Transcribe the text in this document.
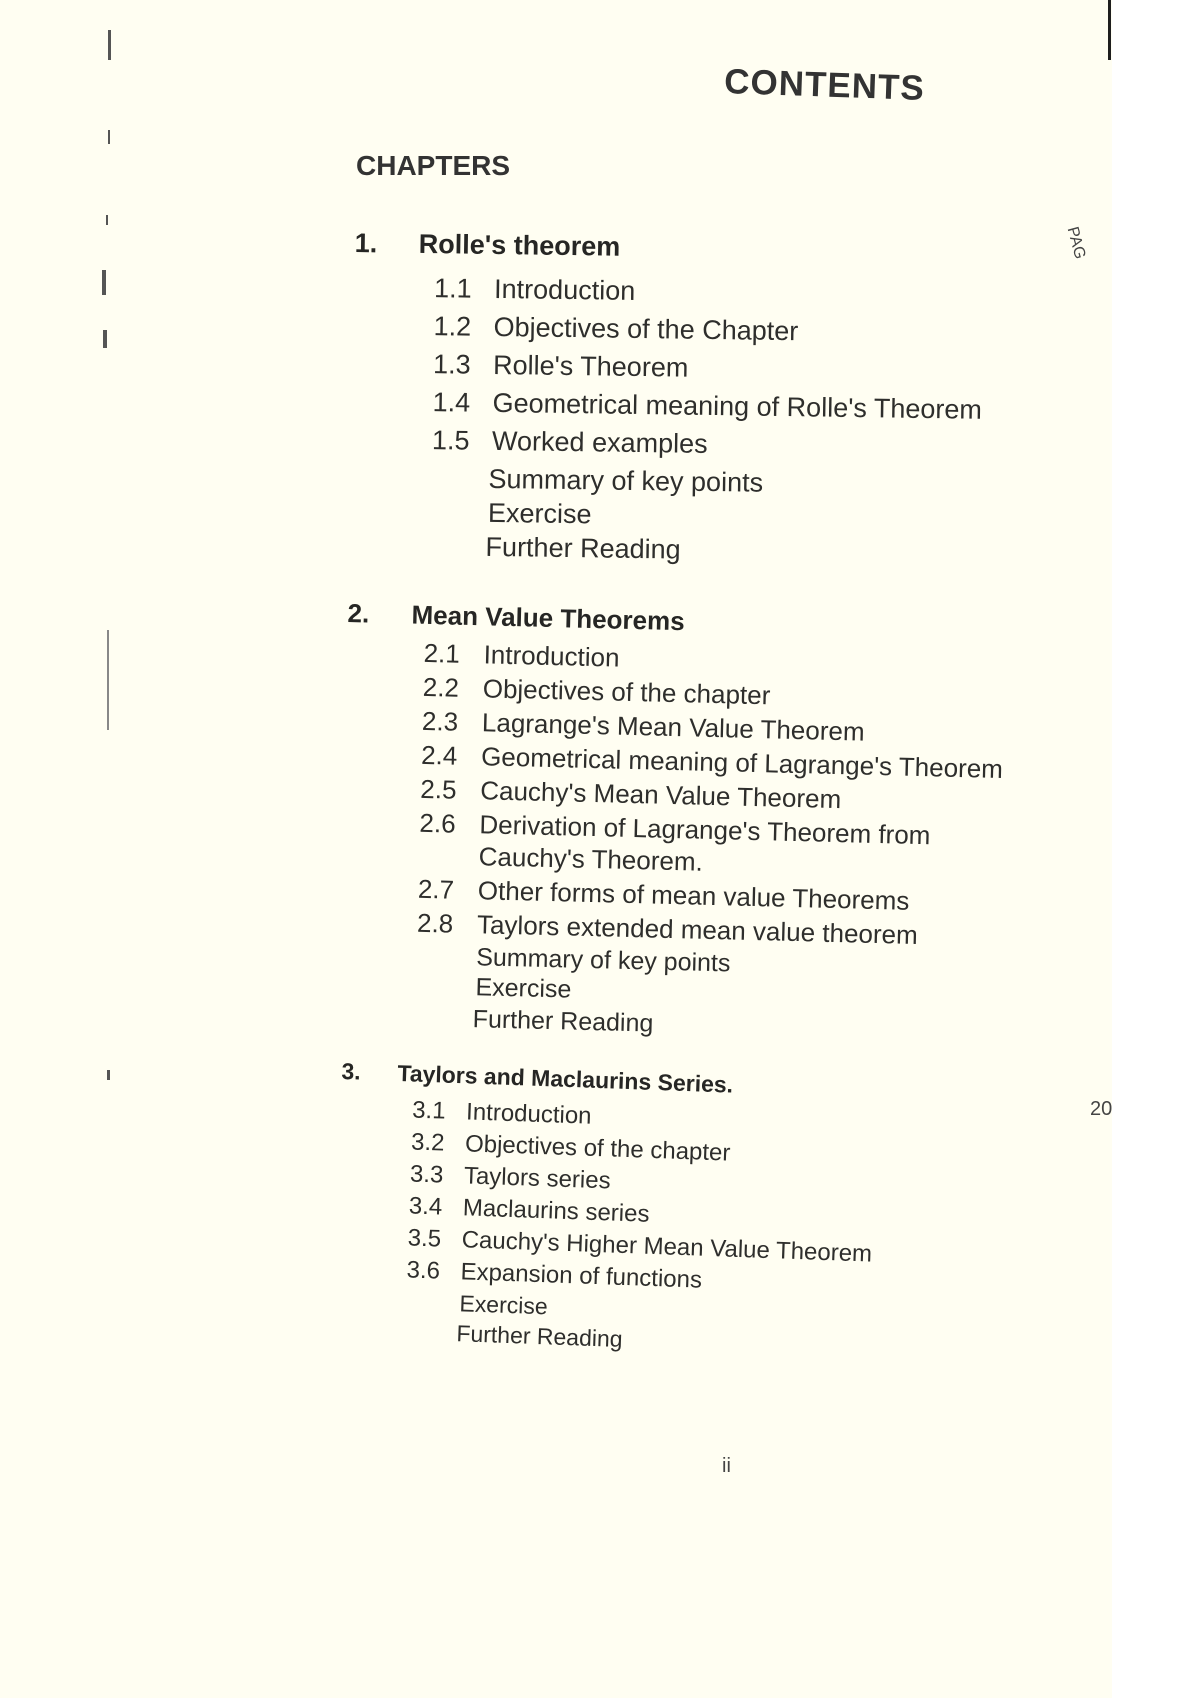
CONTENTS
CHAPTERS
PAG
20
1. Rolle's theorem
1.1 Introduction
1.2 Objectives of the Chapter
1.3 Rolle's Theorem
1.4 Geometrical meaning of Rolle's Theorem
1.5 Worked examples
Summary of key points
Exercise
Further Reading
2. Mean Value Theorems
2.1 Introduction
2.2 Objectives of the chapter
2.3 Lagrange's Mean Value Theorem
2.4 Geometrical meaning of Lagrange's Theorem
2.5 Cauchy's Mean Value Theorem
2.6 Derivation of Lagrange's Theorem from
Cauchy's Theorem.
2.7 Other forms of mean value Theorems
2.8 Taylors extended mean value theorem
Summary of key points
Exercise
Further Reading
3. Taylors and Maclaurins Series.
3.1 Introduction
3.2 Objectives of the chapter
3.3 Taylors series
3.4 Maclaurins series
3.5 Cauchy's Higher Mean Value Theorem
3.6 Expansion of functions
Exercise
Further Reading
ii
